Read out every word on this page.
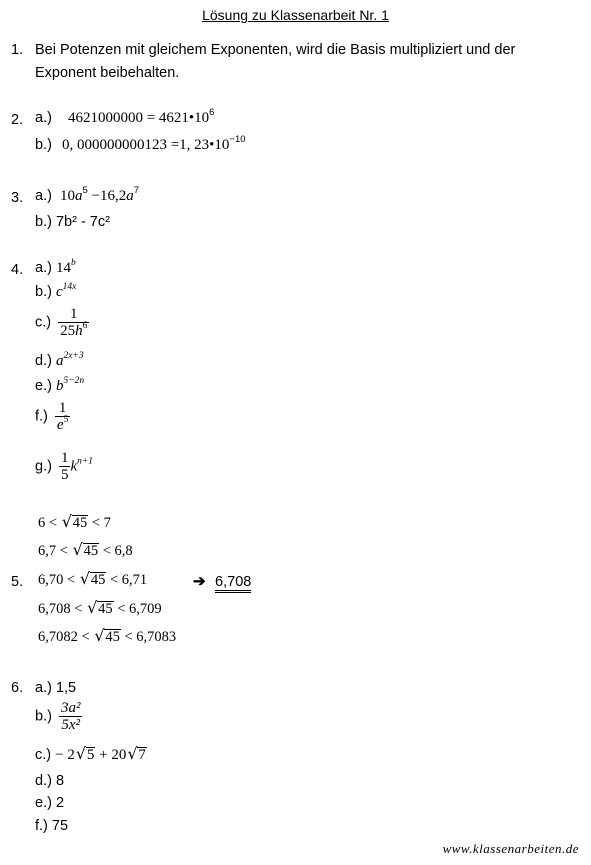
Lösung zu Klassenarbeit Nr. 1
1. Bei Potenzen mit gleichem Exponenten, wird die Basis multipliziert und der
Exponent beibehalten.
2. a.) $4621000000 = 4621•10^6$
b.) 0, 000000000123 =1, $23•10^{-10}$
3. a.) $10a^5 -16,2a^7$
b.) 7b² - 7c²
4. a.) 14$^b$
b.) $c^{14x}$
$c.) \frac{1}{25h^6}$
d.) $a^{2x+3}$
e.) $b^{5-2n}$
$f.) \frac{1}{e^5}$
$g.) \frac{1}{5} k^{n+1}$
6 < √ 45 < 7
6,7 < √ 45 < 6,8
5. 6,70 < √ 45 < 6,71	➔ 6,708
6,708 < √ 45 < 6,709
6,7082 < √ 45 < 6,7083
6. a.) 1,5
$b.) \frac{\text{3a²}}{\text{5x²}}$
c.) − 2 √ 5 + 20 √ 7
d.) 8
e.) 2
f.) 75
www.klassenarbeiten.de
